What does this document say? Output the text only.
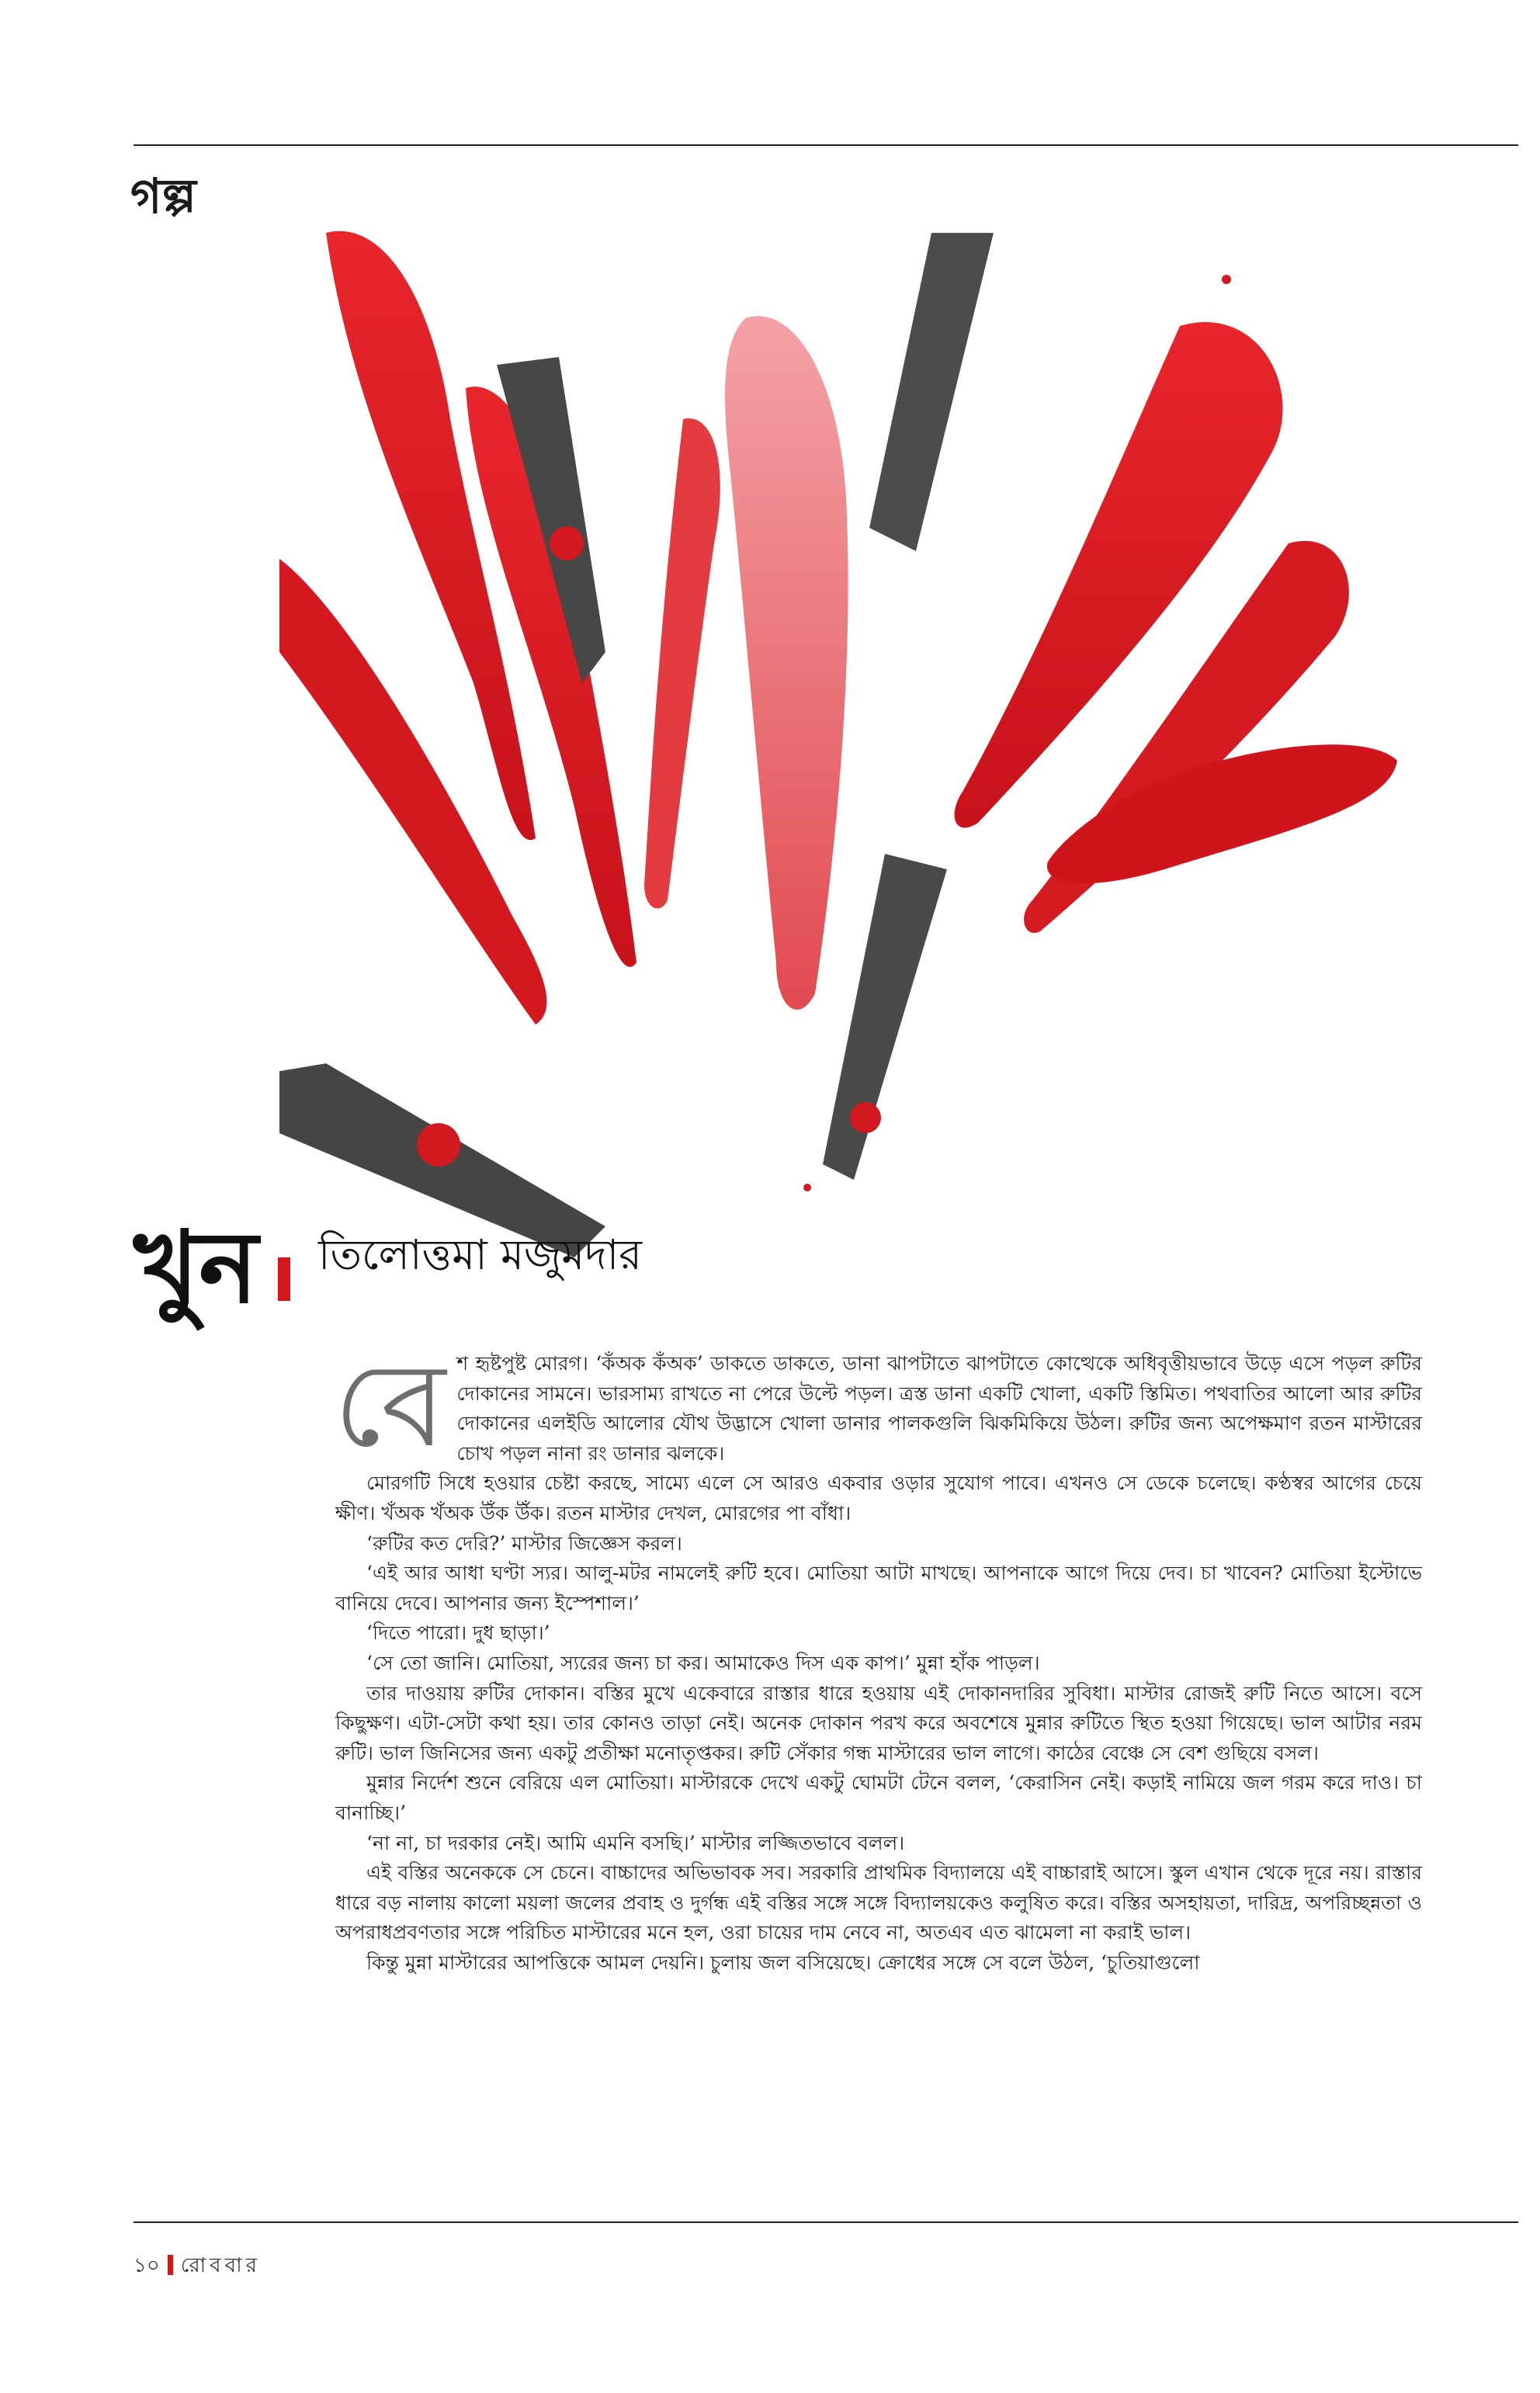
গল্
খুন তিলোত্তমা মজুমদার

বেশ হৃষ্টপুষ্ট মোরগ। ‘কঁঅক কঁঅক’ ডাকতে ডাকতে, ডানা ঝাপটাতে ঝাপটাতে কোত্থেকে অধিবৃত্তীয়ভাবে উড়ে এসে পড়ল রুটির দোকানের সামনে। ভারসাম্য রাখতে না পেরে উল্টে পড়ল। ত্রস্ত ডানা একটি খোলা, একটি স্তিমিত। পথবাতির আলো আর রুটির দোকানের এলইডি আলোর যৌথ উদ্ভাসে খোলা ডানার পালকগুলি ঝিকমিকিয়ে উঠল। রুটির জন্য অপেক্ষমাণ রতন মাস্টারের চোখ পড়ল নানা রং ডানার ঝলকে।

মোরগটি সিধে হওয়ার চেষ্টা করছে, সাম্যে এলে সে আরও একবার ওড়ার সুযোগ পাবে। এখনও সে ডেকে চলেছে। কণ্ঠস্বর আগের চেয়ে ক্ষীণ। খঁঅক খঁঅক উঁক উঁক। রতন মাস্টার দেখল, মোরগের পা বাঁধা।

‘রুটির কত দেরি?’ মাস্টার জিজ্ঞেস করল।

‘এই আর আধা ঘণ্টা স্যর। আলু-মটর নামলেই রুটি হবে। মোতিয়া আটা মাখছে। আপনাকে আগে দিয়ে দেব। চা খাবেন? মোতিয়া ইস্টোভে বানিয়ে দেবে। আপনার জন্য ইস্পেশাল।’

‘দিতে পারো। দুধ ছাড়া।’

‘সে তো জানি। মোতিয়া, স্যরের জন্য চা কর। আমাকেও দিস এক কাপ।’ মুন্না হাঁক পাড়ল।

তার দাওয়ায় রুটির দোকান। বস্তির মুখে একেবারে রাস্তার ধারে হওয়ায় এই দোকানদারির সুবিধা। মাস্টার রোজই রুটি নিতে আসে। বসে কিছুক্ষণ। এটা-সেটা কথা হয়। তার কোনও তাড়া নেই। অনেক দোকান পরখ করে অবশেষে মুন্নার রুটিতে স্থিত হওয়া গিয়েছে। ভাল আটার নরম রুটি। ভাল জিনিসের জন্য একটু প্রতীক্ষা মনোতৃপ্তকর। রুটি সেঁকার গন্ধ মাস্টারের ভাল লাগে। কাঠের বেঞ্চে সে বেশ গুছিয়ে বসল।

মুন্নার নির্দেশ শুনে বেরিয়ে এল মোতিয়া। মাস্টারকে দেখে একটু ঘোমটা টেনে বলল, ‘কেরাসিন নেই। কড়াই নামিয়ে জল গরম করে দাও। চা বানাচ্ছি।’

‘না না, চা দরকার নেই। আমি এমনি বসছি।’ মাস্টার লজ্জিতভাবে বলল।

এই বস্তির অনেককে সে চেনে। বাচ্চাদের অভিভাবক সব। সরকারি প্রাথমিক বিদ্যালয়ে এই বাচ্চারাই আসে। স্কুল এখান থেকে দূরে নয়। রাস্তার ধারে বড় নালায় কালো ময়লা জলের প্রবাহ ও দুর্গন্ধ এই বস্তির সঙ্গে সঙ্গে বিদ্যালয়কেও কলুষিত করে। বস্তির অসহায়তা, দারিদ্র, অপরিচ্ছন্নতা ও অপরাধপ্রবণতার সঙ্গে পরিচিত মাস্টারের মনে হল, ওরা চায়ের দাম নেবে না, অতএব এত ঝামেলা না করাই ভাল।

কিন্তু মুন্না মাস্টারের আপত্তিকে আমল দেয়নি। চুলায় জল বসিয়েছে। ক্রোধের সঙ্গে সে বলে উঠল, ‘চুতিয়াগুলো

১০ রোববার
